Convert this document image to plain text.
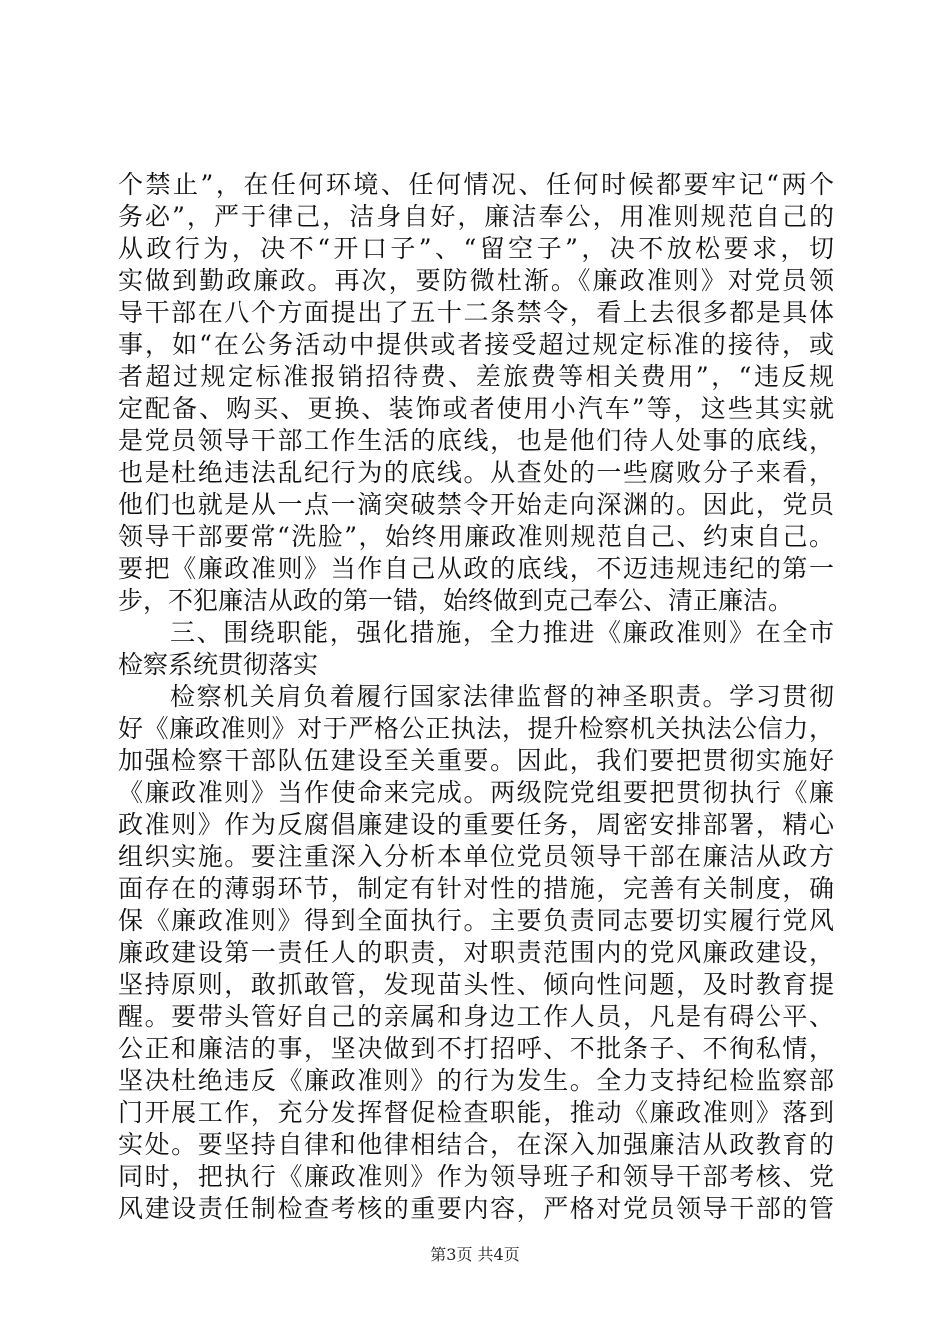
个禁止”，在任何环境、任何情况、任何时候都要牢记“两个
务必”，严于律己，洁身自好，廉洁奉公，用准则规范自己的
从政行为，决不“开口子”、“留空子”，决不放松要求，切
实做到勤政廉政。再次，要防微杜渐。《廉政准则》对党员领
导干部在八个方面提出了五十二条禁令，看上去很多都是具体
事，如“在公务活动中提供或者接受超过规定标准的接待，或
者超过规定标准报销招待费、差旅费等相关费用”，“违反规
定配备、购买、更换、装饰或者使用小汽车”等，这些其实就
是党员领导干部工作生活的底线，也是他们待人处事的底线，
也是杜绝违法乱纪行为的底线。从查处的一些腐败分子来看，
他们也就是从一点一滴突破禁令开始走向深渊的。因此，党员
领导干部要常“洗脸”，始终用廉政准则规范自己、约束自己。
要把《廉政准则》当作自己从政的底线，不迈违规违纪的第一
步，不犯廉洁从政的第一错，始终做到克己奉公、清正廉洁。
三、围绕职能，强化措施，全力推进《廉政准则》在全市
检察系统贯彻落实
检察机关肩负着履行国家法律监督的神圣职责。学习贯彻
好《廉政准则》对于严格公正执法，提升检察机关执法公信力，
加强检察干部队伍建设至关重要。因此，我们要把贯彻实施好
《廉政准则》当作使命来完成。两级院党组要把贯彻执行《廉
政准则》作为反腐倡廉建设的重要任务，周密安排部署，精心
组织实施。要注重深入分析本单位党员领导干部在廉洁从政方
面存在的薄弱环节，制定有针对性的措施，完善有关制度，确
保《廉政准则》得到全面执行。主要负责同志要切实履行党风
廉政建设第一责任人的职责，对职责范围内的党风廉政建设，
坚持原则，敢抓敢管，发现苗头性、倾向性问题，及时教育提
醒。要带头管好自己的亲属和身边工作人员，凡是有碍公平、
公正和廉洁的事，坚决做到不打招呼、不批条子、不徇私情，
坚决杜绝违反《廉政准则》的行为发生。全力支持纪检监察部
门开展工作，充分发挥督促检查职能，推动《廉政准则》落到
实处。要坚持自律和他律相结合，在深入加强廉洁从政教育的
同时，把执行《廉政准则》作为领导班子和领导干部考核、党
风建设责任制检查考核的重要内容，严格对党员领导干部的管
第3页 共4页
